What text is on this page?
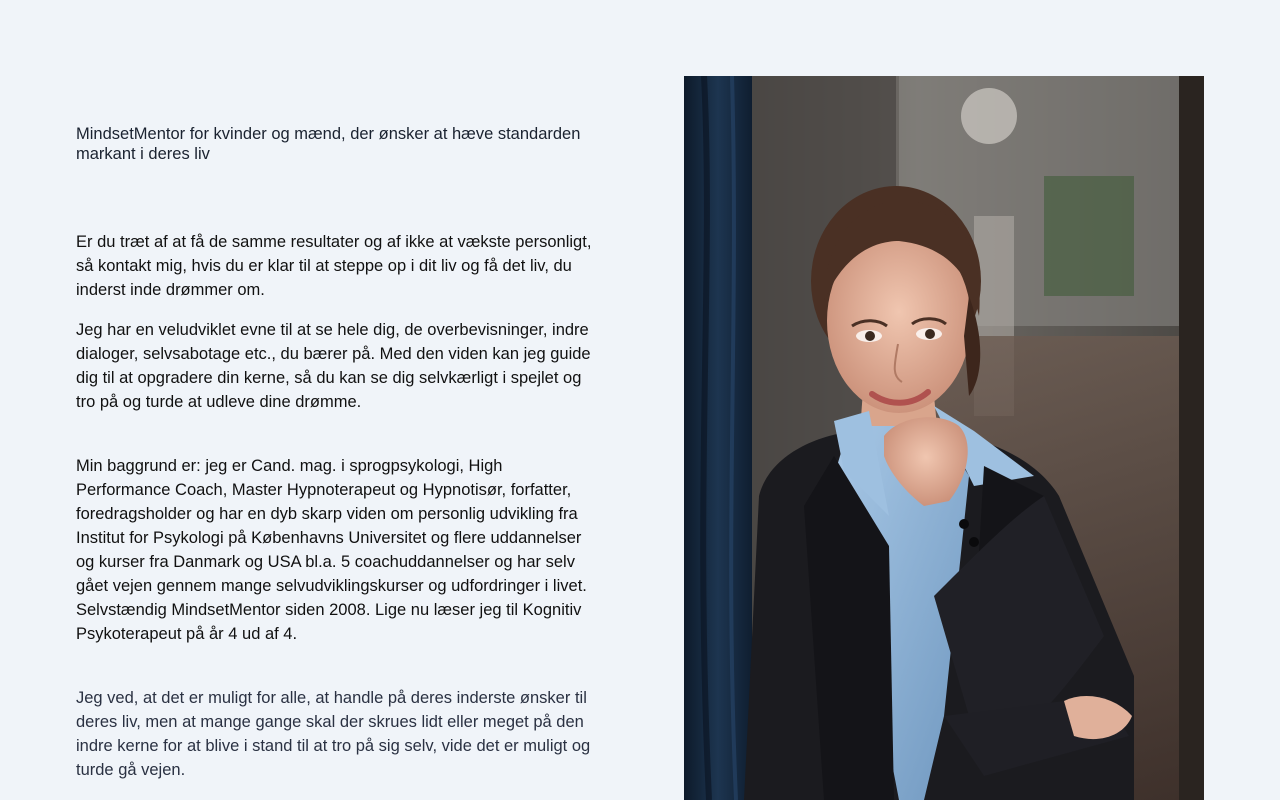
MindsetMentor for kvinder og mænd, der ønsker at hæve standarden markant i deres liv

Er du træt af at få de samme resultater og af ikke at vækste personligt, så kontakt mig, hvis du er klar til at steppe op i dit liv og få det liv, du inderst inde drømmer om.

Jeg har en veludviklet evne til at se hele dig, de overbevisninger, indre dialoger, selvsabotage etc., du bærer på. Med den viden kan jeg guide dig til at opgradere din kerne, så du kan se dig selvkærligt i spejlet og tro på og turde at udleve dine drømme.

Min baggrund er: jeg er Cand. mag. i sprogpsykologi, High Performance Coach, Master Hypnoterapeut og Hypnotisør, forfatter, foredragsholder og har en dyb skarp viden om personlig udvikling fra Institut for Psykologi på Københavns Universitet og flere uddannelser og kurser fra Danmark og USA bl.a. 5 coachuddannelser og har selv gået vejen gennem mange selvudviklingskurser og udfordringer i livet.

Selvstændig MindsetMentor siden 2008. Lige nu læser jeg til Kognitiv Psykoterapeut på år 4 ud af 4.

Jeg ved, at det er muligt for alle, at handle på deres inderste ønsker til deres liv, men at mange gange skal der skrues lidt eller meget på den indre kerne for at blive i stand til at tro på sig selv, vide det er muligt og turde gå vejen.
